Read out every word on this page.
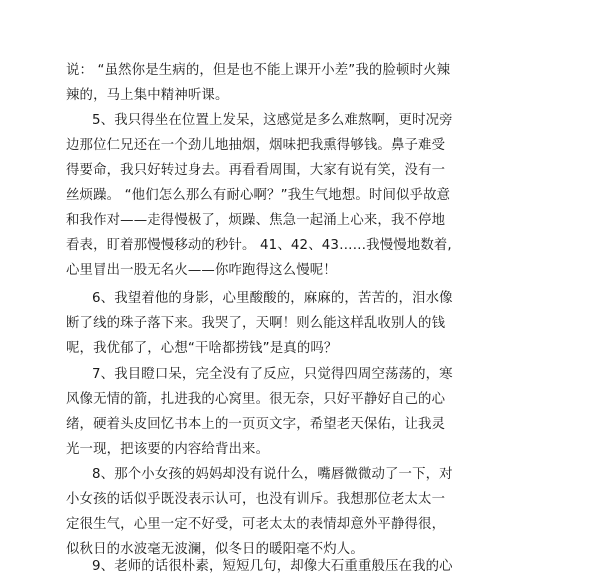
说： “虽然你是生病的，但是也不能上课开小差”我的脸顿时火辣
辣的，马上集中精神听课。
5、我只得坐在位置上发呆，这感觉是多么难熬啊，更时况旁
边那位仁兄还在一个劲儿地抽烟，烟味把我熏得够钱。鼻子难受
得要命，我只好转过身去。再看看周围，大家有说有笑，没有一
丝烦躁。 “他们怎么那么有耐心啊？”我生气地想。时间似乎故意
和我作对——走得慢极了，烦躁、焦急一起涌上心来，我不停地
看表，盯着那慢慢移动的秒针。 41、42、43……我慢慢地数着,
心里冒出一股无名火——你咋跑得这么慢呢！
6、我望着他的身影，心里酸酸的，麻麻的，苦苦的，泪水像
断了线的珠子落下来。我哭了，天啊！则么能这样乱收别人的钱
呢，我优郁了，心想“干啥都捞钱”是真的吗？
7、我目瞪口呆，完全没有了反应，只觉得四周空荡荡的，寒
风像无情的箭，扎进我的心窝里。很无奈，只好平静好自己的心
绪，硬着头皮回忆书本上的一页页文字，希望老天保佑，让我灵
光一现，把该要的内容给背出来。
8、那个小女孩的妈妈却没有说什么，嘴唇微微动了一下，对
小女孩的话似乎既没表示认可，也没有训斥。我想那位老太太一
定很生气，心里一定不好受，可老太太的表情却意外平静得很，
似秋日的水波毫无波澜，似冬日的暖阳毫不灼人。
9、老师的话很朴素，短短几句，却像大石重重般压在我的心
